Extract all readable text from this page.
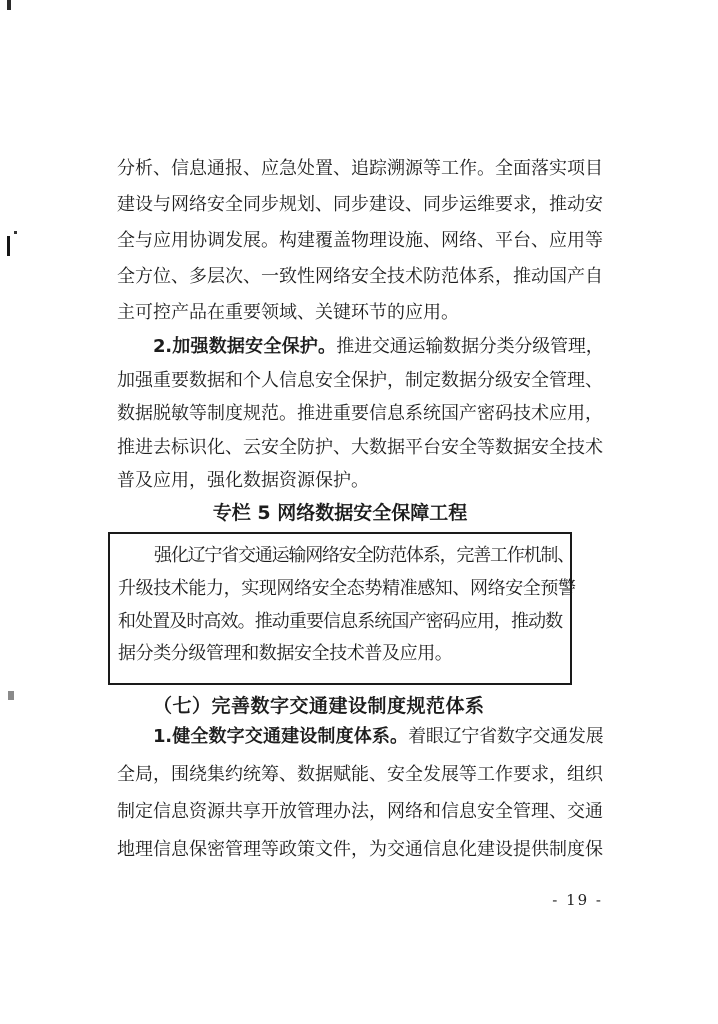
分析、信息通报、应急处置、追踪溯源等工作。全面落实项目
建设与网络安全同步规划、同步建设、同步运维要求，推动安
全与应用协调发展。构建覆盖物理设施、网络、平台、应用等
全方位、多层次、一致性网络安全技术防范体系，推动国产自
主可控产品在重要领域、关键环节的应用。
2.加强数据安全保护。推进交通运输数据分类分级管理，
加强重要数据和个人信息安全保护，制定数据分级安全管理、
数据脱敏等制度规范。推进重要信息系统国产密码技术应用，
推进去标识化、云安全防护、大数据平台安全等数据安全技术
普及应用，强化数据资源保护。
专栏 5 网络数据安全保障工程
强化辽宁省交通运输网络安全防范体系，完善工作机制、
升级技术能力，实现网络安全态势精准感知、网络安全预警
和处置及时高效。推动重要信息系统国产密码应用，推动数
据分类分级管理和数据安全技术普及应用。
（七）完善数字交通建设制度规范体系
1.健全数字交通建设制度体系。着眼辽宁省数字交通发展
全局，围绕集约统筹、数据赋能、安全发展等工作要求，组织
制定信息资源共享开放管理办法，网络和信息安全管理、交通
地理信息保密管理等政策文件，为交通信息化建设提供制度保
- 19 -
